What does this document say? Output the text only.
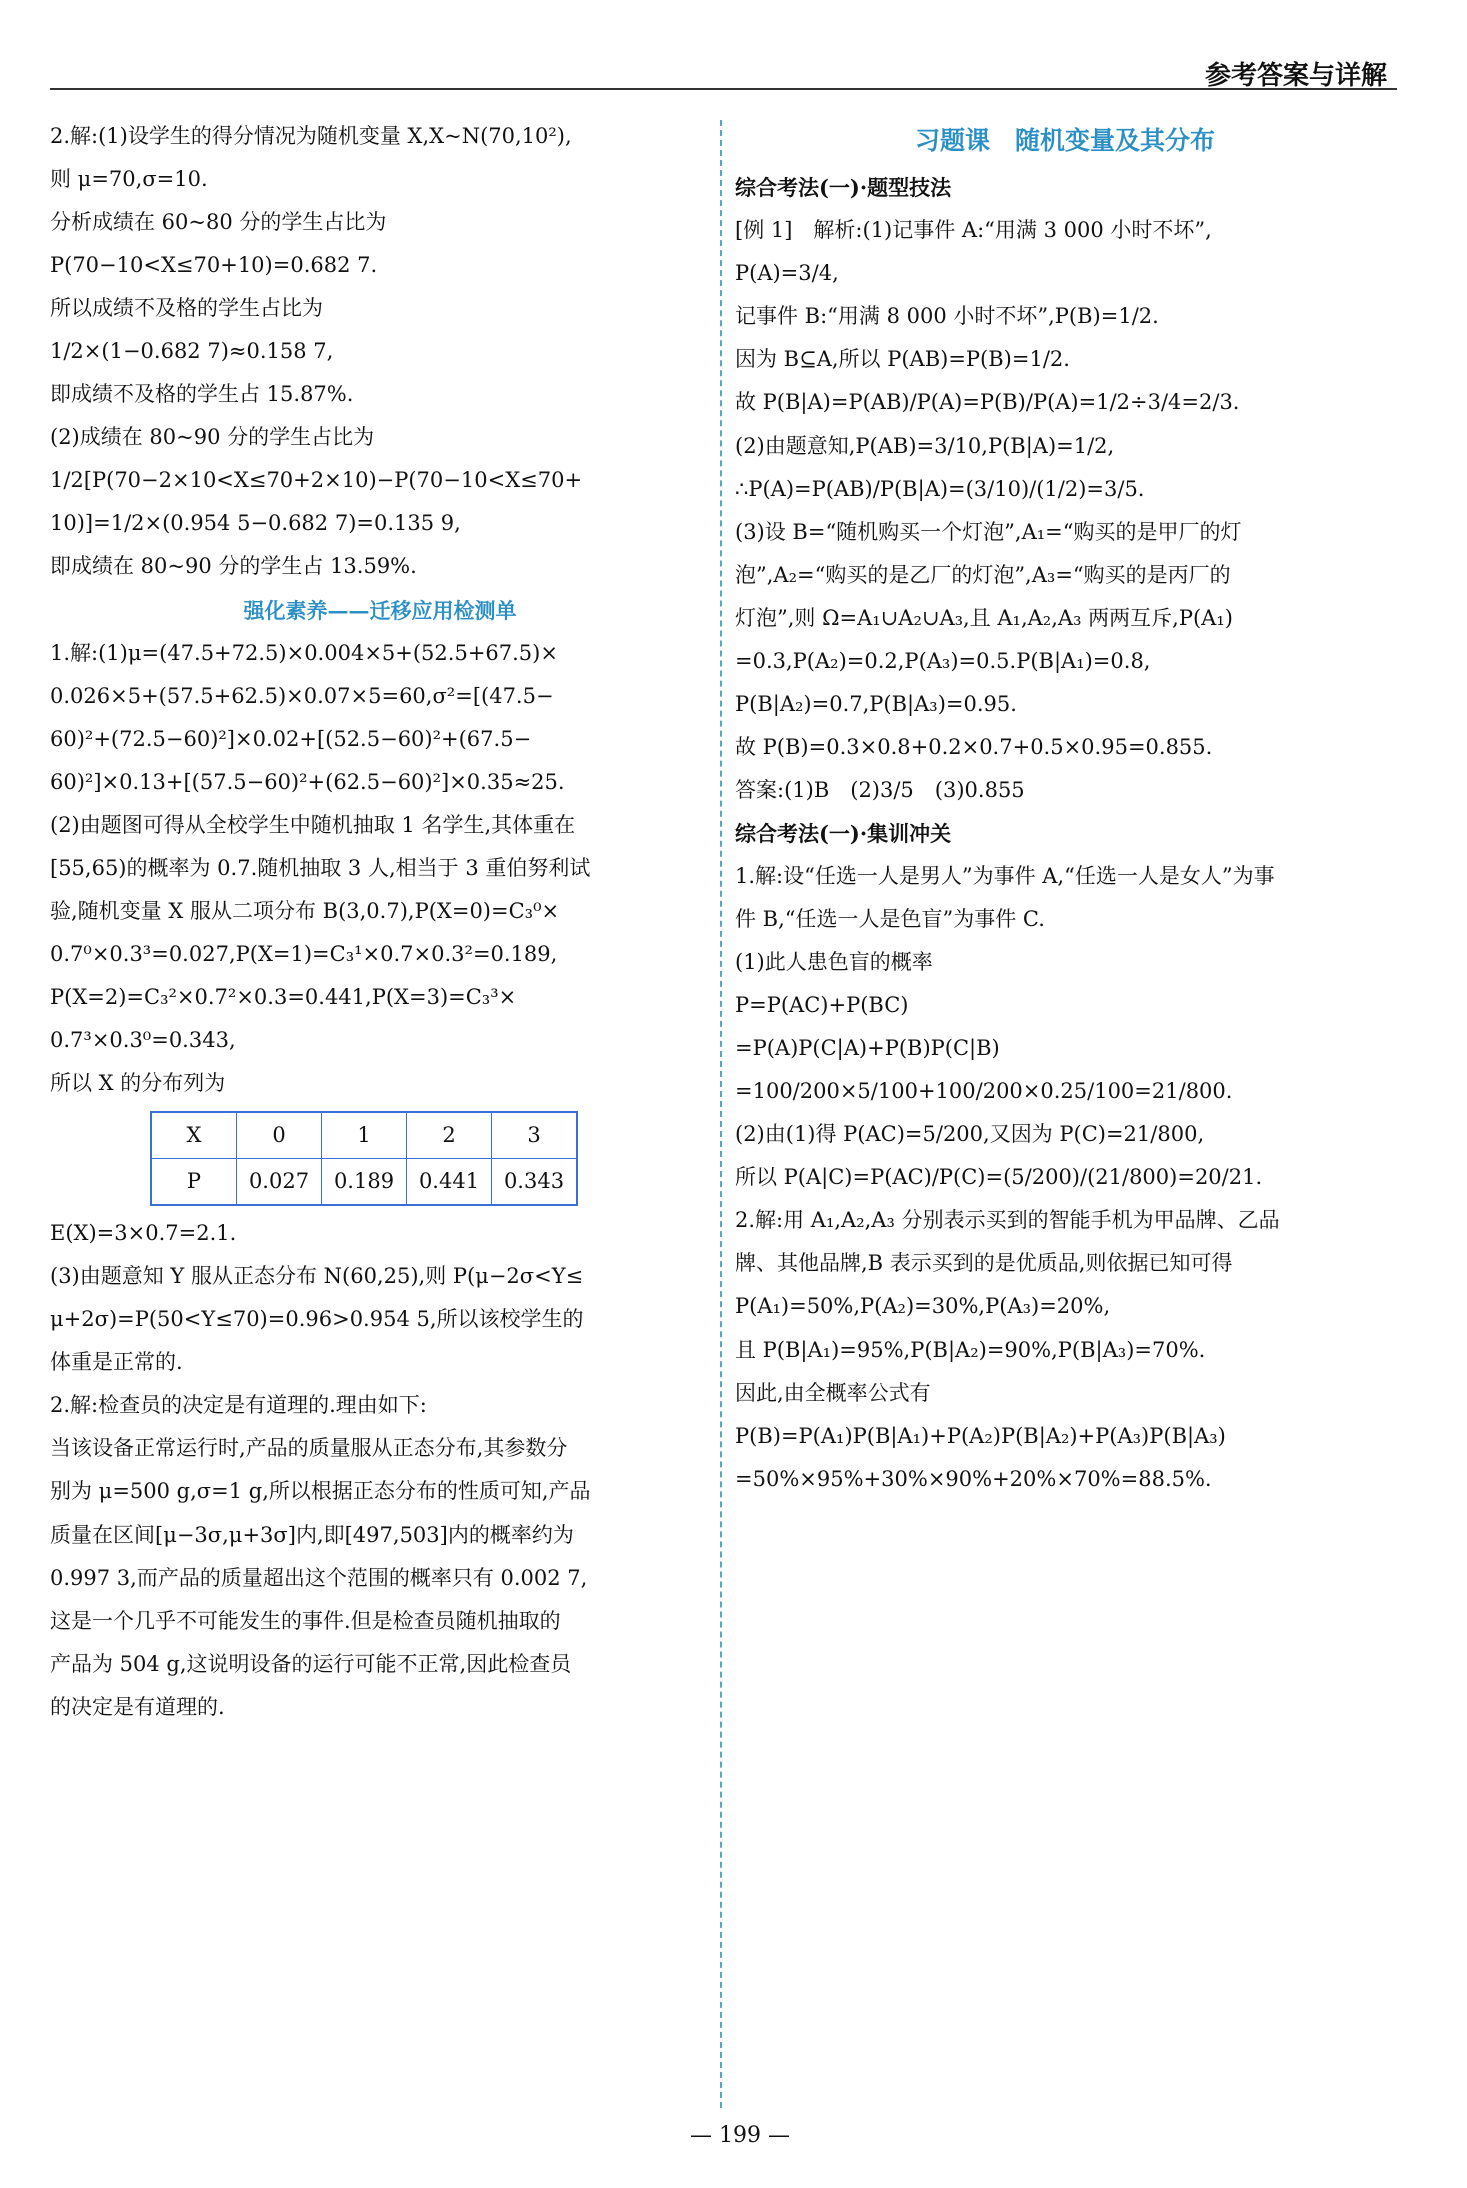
参考答案与详解
2.解:(1)设学生的得分情况为随机变量 X,X~N(70,10²),
则 μ=70,σ=10.
分析成绩在 60~80 分的学生占比为
P(70−10<X≤70+10)=0.682 7.
所以成绩不及格的学生占比为
1/2×(1−0.682 7)≈0.158 7,
即成绩不及格的学生占 15.87%.
(2)成绩在 80~90 分的学生占比为
1/2[P(70−2×10<X≤70+2×10)−P(70−10<X≤70+
10)]=1/2×(0.954 5−0.682 7)=0.135 9,
即成绩在 80~90 分的学生占 13.59%.
强化素养——迁移应用检测单
1.解:(1)μ=(47.5+72.5)×0.004×5+(52.5+67.5)×
0.026×5+(57.5+62.5)×0.07×5=60,σ²=[(47.5−
60)²+(72.5−60)²]×0.02+[(52.5−60)²+(67.5−
60)²]×0.13+[(57.5−60)²+(62.5−60)²]×0.35≈25.
(2)由题图可得从全校学生中随机抽取 1 名学生,其体重在
[55,65)的概率为 0.7.随机抽取 3 人,相当于 3 重伯努利试
验,随机变量 X 服从二项分布 B(3,0.7),P(X=0)=C₃⁰×
0.7⁰×0.3³=0.027,P(X=1)=C₃¹×0.7×0.3²=0.189,
P(X=2)=C₃²×0.7²×0.3=0.441,P(X=3)=C₃³×
0.7³×0.3⁰=0.343,
所以 X 的分布列为
X	0	1	2	3
P	0.027	0.189	0.441	0.343
E(X)=3×0.7=2.1.
(3)由题意知 Y 服从正态分布 N(60,25),则 P(μ−2σ<Y≤
μ+2σ)=P(50<Y≤70)=0.96>0.954 5,所以该校学生的
体重是正常的.
2.解:检查员的决定是有道理的.理由如下:
当该设备正常运行时,产品的质量服从正态分布,其参数分
别为 μ=500 g,σ=1 g,所以根据正态分布的性质可知,产品
质量在区间[μ−3σ,μ+3σ]内,即[497,503]内的概率约为
0.997 3,而产品的质量超出这个范围的概率只有 0.002 7,
这是一个几乎不可能发生的事件.但是检查员随机抽取的
产品为 504 g,这说明设备的运行可能不正常,因此检查员
的决定是有道理的.
习题课　随机变量及其分布
综合考法(一)·题型技法
[例 1]　解析:(1)记事件 A:“用满 3 000 小时不坏”,
P(A)=3/4,
记事件 B:“用满 8 000 小时不坏”,P(B)=1/2.
因为 B⊆A,所以 P(AB)=P(B)=1/2.
故 P(B|A)=P(AB)/P(A)=P(B)/P(A)=1/2÷3/4=2/3.
(2)由题意知,P(AB)=3/10,P(B|A)=1/2,
∴P(A)=P(AB)/P(B|A)=(3/10)/(1/2)=3/5.
(3)设 B=“随机购买一个灯泡”,A₁=“购买的是甲厂的灯
泡”,A₂=“购买的是乙厂的灯泡”,A₃=“购买的是丙厂的
灯泡”,则 Ω=A₁∪A₂∪A₃,且 A₁,A₂,A₃ 两两互斥,P(A₁)
=0.3,P(A₂)=0.2,P(A₃)=0.5.P(B|A₁)=0.8,
P(B|A₂)=0.7,P(B|A₃)=0.95.
故 P(B)=0.3×0.8+0.2×0.7+0.5×0.95=0.855.
答案:(1)B　(2)3/5　(3)0.855
综合考法(一)·集训冲关
1.解:设“任选一人是男人”为事件 A,“任选一人是女人”为事
件 B,“任选一人是色盲”为事件 C.
(1)此人患色盲的概率
P=P(AC)+P(BC)
=P(A)P(C|A)+P(B)P(C|B)
=100/200×5/100+100/200×0.25/100=21/800.
(2)由(1)得 P(AC)=5/200,又因为 P(C)=21/800,
所以 P(A|C)=P(AC)/P(C)=(5/200)/(21/800)=20/21.
2.解:用 A₁,A₂,A₃ 分别表示买到的智能手机为甲品牌、乙品
牌、其他品牌,B 表示买到的是优质品,则依据已知可得
P(A₁)=50%,P(A₂)=30%,P(A₃)=20%,
且 P(B|A₁)=95%,P(B|A₂)=90%,P(B|A₃)=70%.
因此,由全概率公式有
P(B)=P(A₁)P(B|A₁)+P(A₂)P(B|A₂)+P(A₃)P(B|A₃)
=50%×95%+30%×90%+20%×70%=88.5%.
— 199 —
